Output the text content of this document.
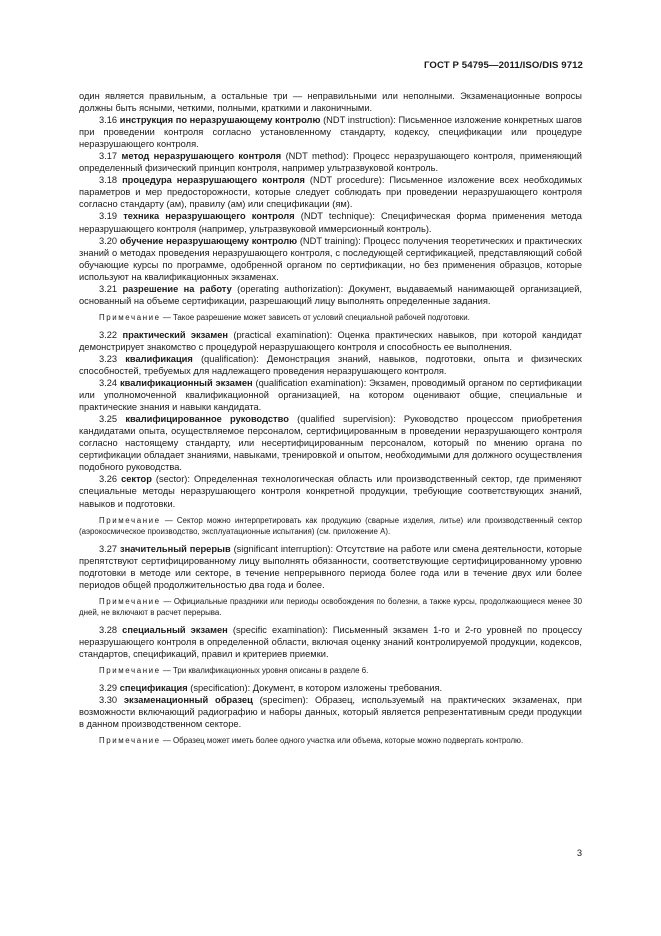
ГОСТ Р 54795—2011/ISO/DIS 9712

один является правильным, а остальные три — неправильными или неполными. Экзаменационные вопросы должны быть ясными, четкими, полными, краткими и лаконичными.

3.16 инструкция по неразрушающему контролю (NDT instruction): Письменное изложение конкретных шагов при проведении контроля согласно установленному стандарту, кодексу, спецификации или процедуре неразрушающего контроля.

3.17 метод неразрушающего контроля (NDT method): Процесс неразрушающего контроля, применяющий определенный физический принцип контроля, например ультразвуковой контроль.

3.18 процедура неразрушающего контроля (NDT procedure): Письменное изложение всех необходимых параметров и мер предосторожности, которые следует соблюдать при проведении неразрушающего контроля согласно стандарту (ам), правилу (ам) или спецификации (ям).

3.19 техника неразрушающего контроля (NDT technique): Специфическая форма применения метода неразрушающего контроля (например, ультразвуковой иммерсионный контроль).

3.20 обучение неразрушающему контролю (NDT training): Процесс получения теоретических и практических знаний о методах проведения неразрушающего контроля, с последующей сертификацией, представляющий собой обучающие курсы по программе, одобренной органом по сертификации, но без применения образцов, которые используют на квалификационных экзаменах.

3.21 разрешение на работу (operating authorization): Документ, выдаваемый нанимающей организацией, основанный на объеме сертификации, разрешающий лицу выполнять определенные задания.

Примечание — Такое разрешение может зависеть от условий специальной рабочей подготовки.

3.22 практический экзамен (practical examination): Оценка практических навыков, при которой кандидат демонстрирует знакомство с процедурой неразрушающего контроля и способность ее выполнения.

3.23 квалификация (qualification): Демонстрация знаний, навыков, подготовки, опыта и физических способностей, требуемых для надлежащего проведения неразрушающего контроля.

3.24 квалификационный экзамен (qualification examination): Экзамен, проводимый органом по сертификации или уполномоченной квалификационной организацией, на котором оценивают общие, специальные и практические знания и навыки кандидата.

3.25 квалифицированное руководство (qualified supervision): Руководство процессом приобретения кандидатами опыта, осуществляемое персоналом, сертифицированным в проведении неразрушающего контроля согласно настоящему стандарту, или несертифицированным персоналом, который по мнению органа по сертификации обладает знаниями, навыками, тренировкой и опытом, необходимыми для должного осуществления подобного руководства.

3.26 сектор (sector): Определенная технологическая область или производственный сектор, где применяют специальные методы неразрушающего контроля конкретной продукции, требующие соответствующих знаний, навыков и подготовки.

Примечание — Сектор можно интерпретировать как продукцию (сварные изделия, литье) или производственный сектор (аэрокосмическое производство, эксплуатационные испытания) (см. приложение А).

3.27 значительный перерыв (significant interruption): Отсутствие на работе или смена деятельности, которые препятствуют сертифицированному лицу выполнять обязанности, соответствующие сертифицированному уровню подготовки в методе или секторе, в течение непрерывного периода более года или в течение двух или более периодов общей продолжительностью два года и более.

Примечание — Официальные праздники или периоды освобождения по болезни, а также курсы, продолжающиеся менее 30 дней, не включают в расчет перерыва.

3.28 специальный экзамен (specific examination): Письменный экзамен 1-го и 2-го уровней по процессу неразрушающего контроля в определенной области, включая оценку знаний контролируемой продукции, кодексов, стандартов, спецификаций, правил и критериев приемки.

Примечание — Три квалификационных уровня описаны в разделе 6.

3.29 спецификация (specification): Документ, в котором изложены требования.

3.30 экзаменационный образец (specimen): Образец, используемый на практических экзаменах, при возможности включающий радиографию и наборы данных, который является репрезентативным среди продукции в данном производственном секторе.

Примечание — Образец может иметь более одного участка или объема, которые можно подвергать контролю.

3
